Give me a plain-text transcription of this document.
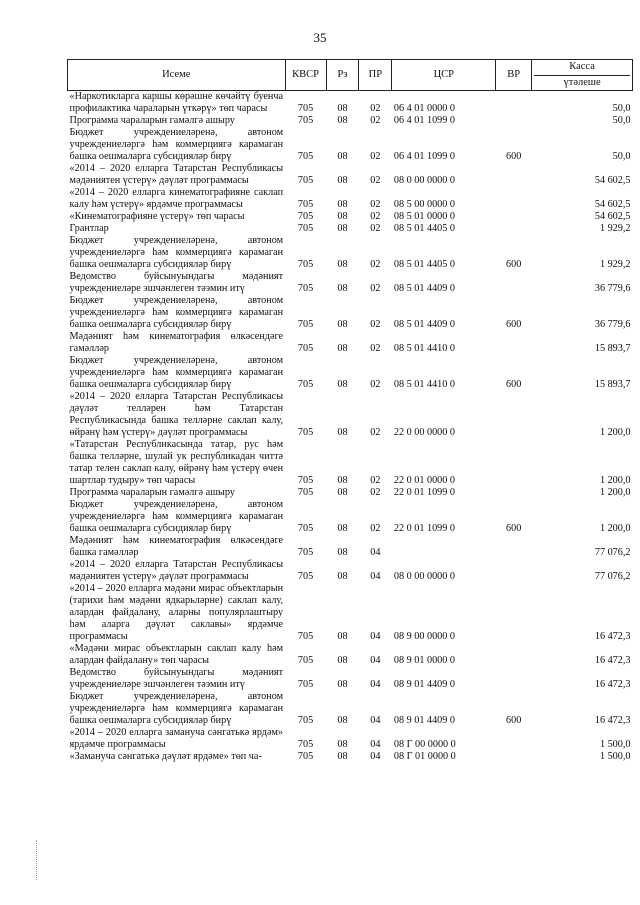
35
Исеме	КВСР	Рз	ПР	ЦСР	ВР	Касса
үтәлеше

«Наркотикларга каршы көрәшне көчәйтү буенча профилактика чараларын үткәрү» төп чарасы	705	08	02	06 4 01 0000 0		50,0
Программа чараларын гамәлгә ашыру	705	08	02	06 4 01 1099 0		50,0
Бюджет учреждениеләренә, автоном учреждениеләргә һәм коммерциягә карамаган башка оешмаларга субсидияләр бирү	705	08	02	06 4 01 1099 0	600	50,0
«2014 – 2020 елларга Татарстан Республикасы мәдәниятен үстерү» дәүләт программасы	705	08	02	08 0 00 0000 0		54 602,5
«2014 – 2020 елларга кинематографияне саклап калу һәм үстерү» ярдәмче программасы	705	08	02	08 5 00 0000 0		54 602,5
«Кинематографияне үстерү» төп чарасы	705	08	02	08 5 01 0000 0		54 602,5
Грантлар	705	08	02	08 5 01 4405 0		1 929,2
Бюджет учреждениеләренә, автоном учреждениеләргә һәм коммерциягә карамаган башка оешмаларга субсидияләр бирү	705	08	02	08 5 01 4405 0	600	1 929,2
Ведомство буйсынуындагы мәдәният учреждениеләре эшчәнлеген тәэмин итү	705	08	02	08 5 01 4409 0		36 779,6
Бюджет учреждениеләренә, автоном учреждениеләргә һәм коммерциягә карамаган башка оешмаларга субсидияләр бирү	705	08	02	08 5 01 4409 0	600	36 779,6
Мәдәният һәм кинематография өлкәсендәге гамәлләр	705	08	02	08 5 01 4410 0		15 893,7
Бюджет учреждениеләренә, автоном учреждениеләргә һәм коммерциягә карамаган башка оешмаларга субсидияләр бирү	705	08	02	08 5 01 4410 0	600	15 893,7
«2014 – 2020 елларга Татарстан Республикасы дәүләт телләрен һәм Татарстан Республикасында башка телләрне саклап калу, өйрәнү һәм үстерү» дәүләт программасы	705	08	02	22 0 00 0000 0		1 200,0
«Татарстан Республикасында татар, рус һәм башка телләрне, шулай ук республикадан читтә татар телен саклап калу, өйрәнү һәм үстерү өчен шартлар тудыру» төп чарасы	705	08	02	22 0 01 0000 0		1 200,0
Программа чараларын гамәлгә ашыру	705	08	02	22 0 01 1099 0		1 200,0
Бюджет учреждениеләренә, автоном учреждениеләргә һәм коммерциягә карамаган башка оешмаларга субсидияләр бирү	705	08	02	22 0 01 1099 0	600	1 200,0
Мәдәният һәм кинематография өлкәсендәге башка гамәлләр	705	08	04			77 076,2
«2014 – 2020 елларга Татарстан Республикасы мәдәниятен үстерү» дәүләт программасы	705	08	04	08 0 00 0000 0		77 076,2
«2014 – 2020 елларга мәдәни мирас объектларын (тарихи һәм мәдәни ядкарьләрне) саклап калу, алардан файдалану, аларны популярлаштыру һәм аларга дәүләт саклавы» ярдәмче программасы	705	08	04	08 9 00 0000 0		16 472,3
«Мәдәни мирас объектларын саклап калу һәм алардан файдалану» төп чарасы	705	08	04	08 9 01 0000 0		16 472,3
Ведомство буйсынуындагы мәдәният учреждениеләре эшчәнлеген тәэмин итү	705	08	04	08 9 01 4409 0		16 472,3
Бюджет учреждениеләренә, автоном учреждениеләргә һәм коммерциягә карамаган башка оешмаларга субсидияләр бирү	705	08	04	08 9 01 4409 0	600	16 472,3
«2014 – 2020 елларга замануча сәнгатькә ярдәм» ярдәмче программасы	705	08	04	08 Г 00 0000 0		1 500,0
«Замануча сәнгатькә дәүләт ярдәме» төп ча-	705	08	04	08 Г 01 0000 0		1 500,0
